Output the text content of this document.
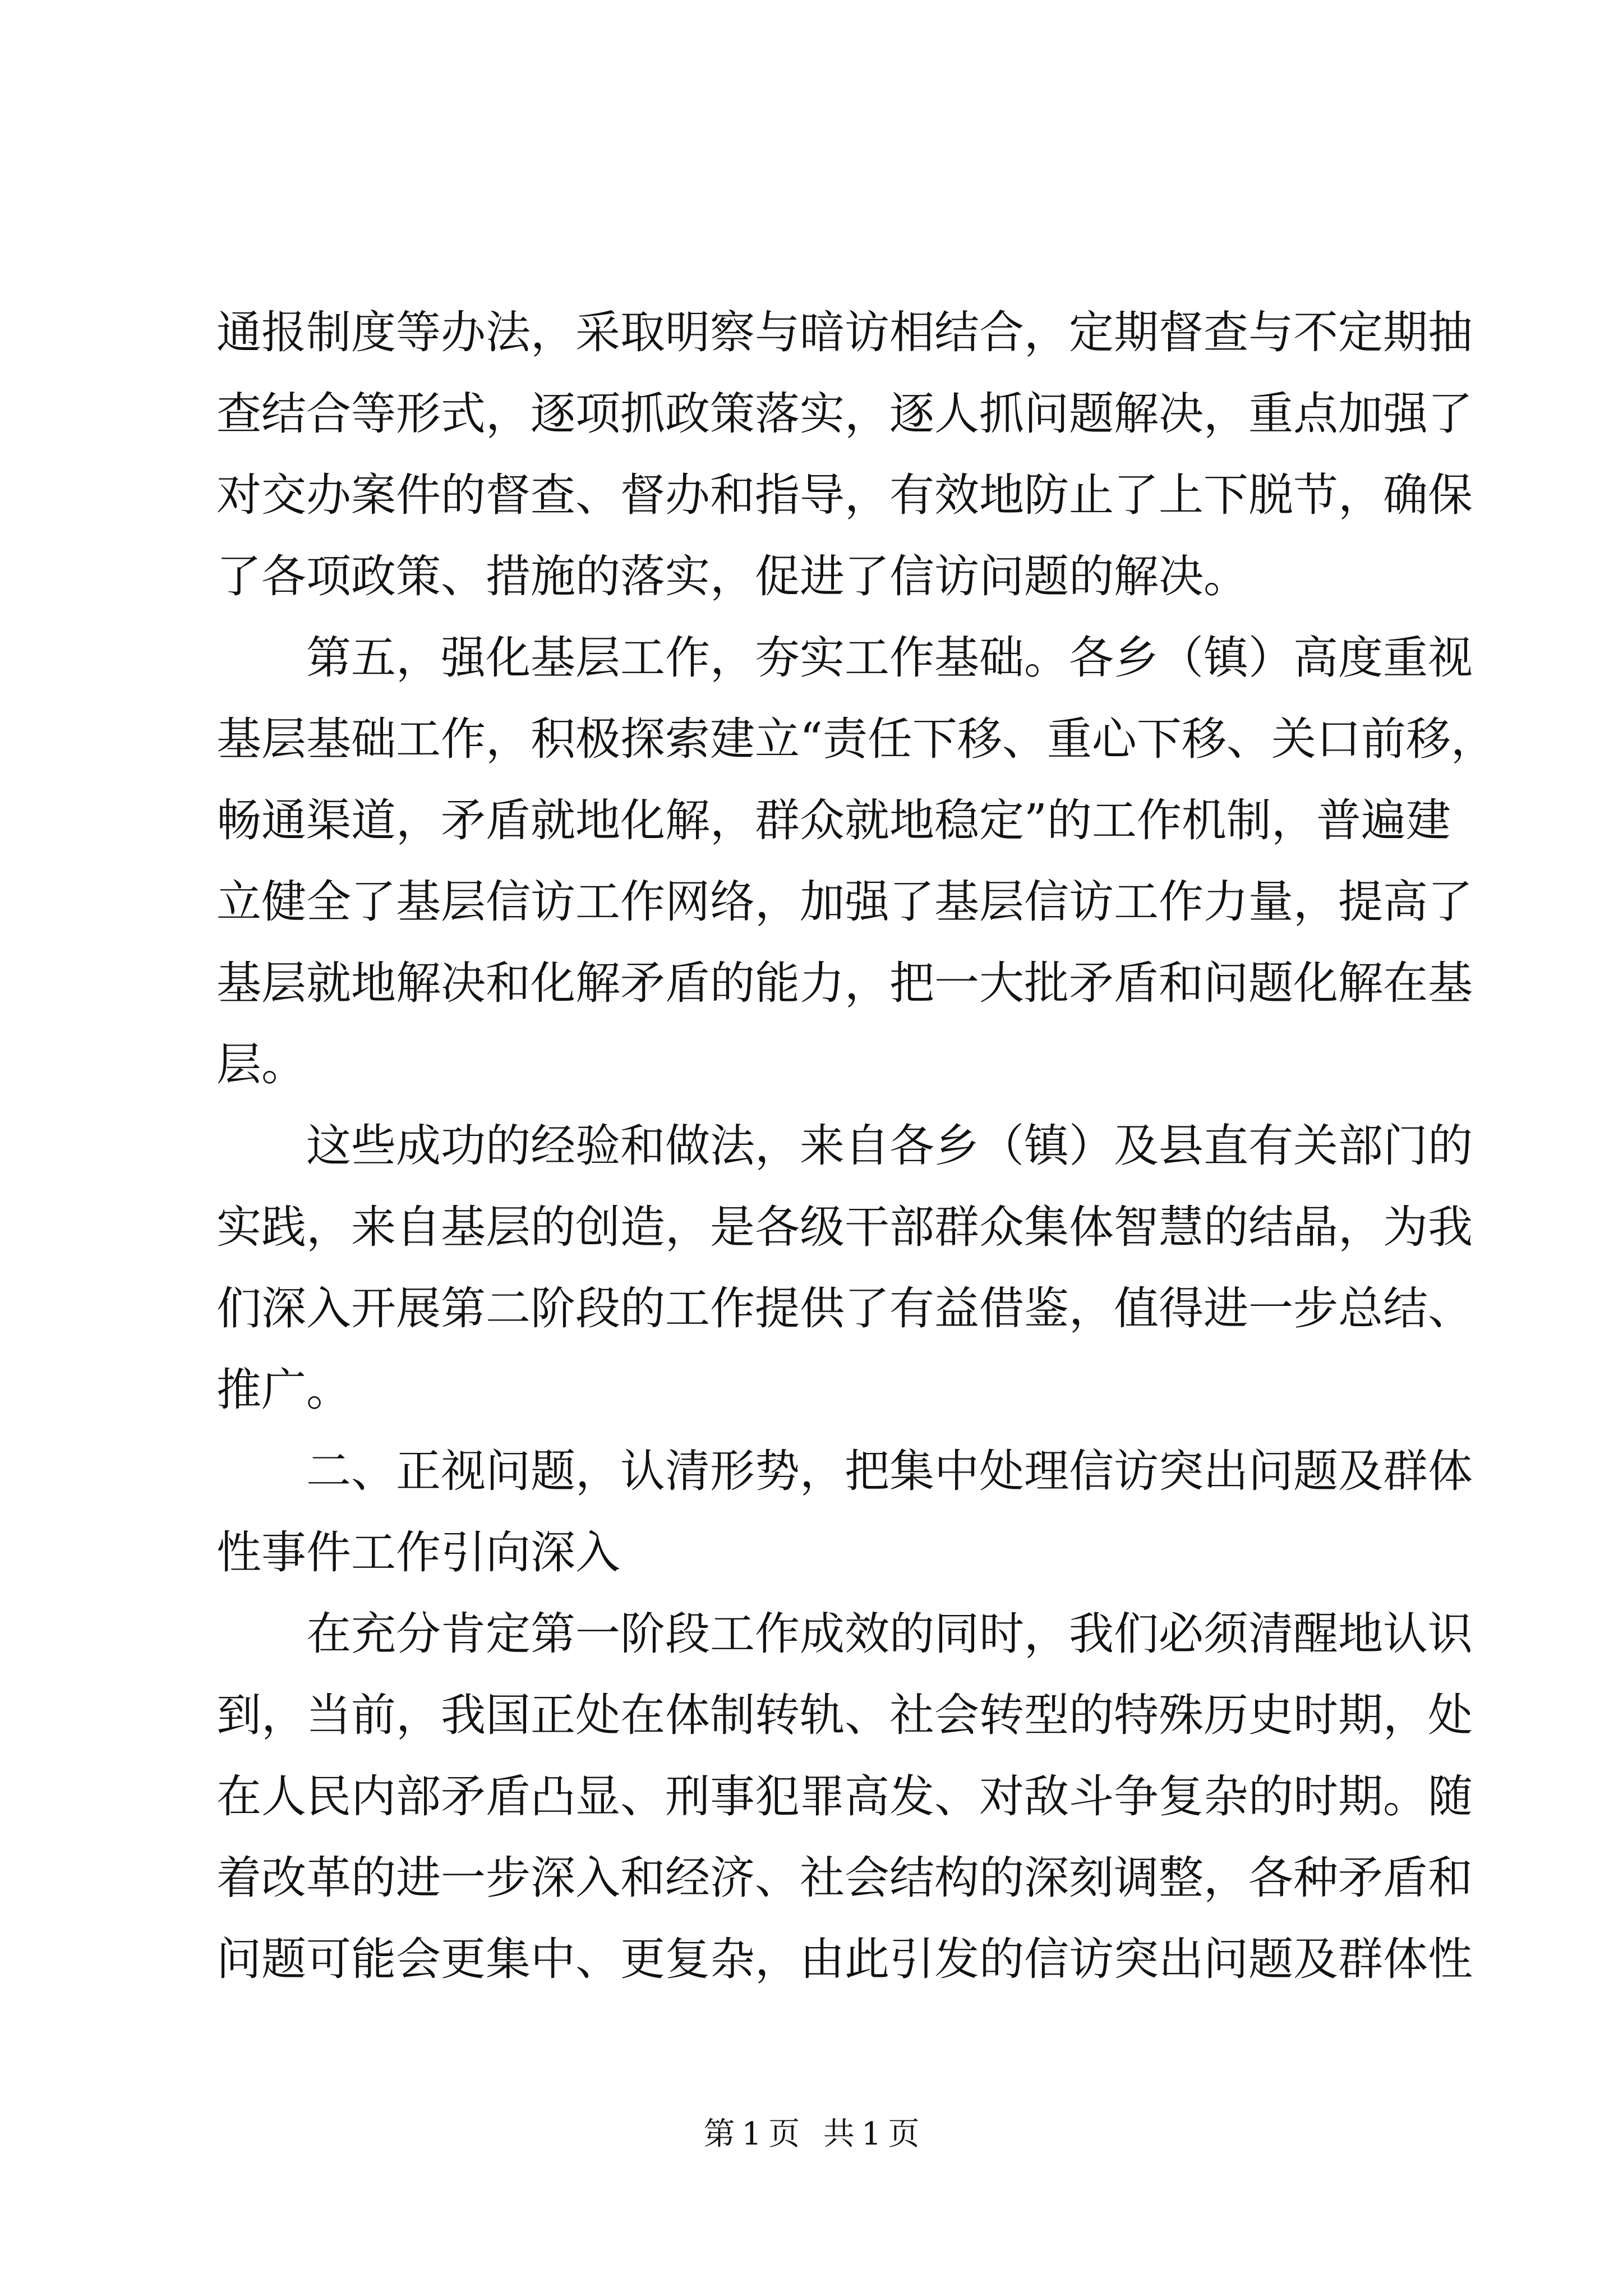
通报制度等办法，采取明察与暗访相结合，定期督查与不定期抽
查结合等形式，逐项抓政策落实，逐人抓问题解决，重点加强了
对交办案件的督查、督办和指导，有效地防止了上下脱节，确保
了各项政策、措施的落实，促进了信访问题的解决。
第五，强化基层工作，夯实工作基础。各乡（镇）高度重视
基层基础工作，积极探索建立“责任下移、重心下移、关口前移，
畅通渠道，矛盾就地化解，群众就地稳定”的工作机制，普遍建
立健全了基层信访工作网络，加强了基层信访工作力量，提高了
基层就地解决和化解矛盾的能力，把一大批矛盾和问题化解在基
层。
这些成功的经验和做法，来自各乡（镇）及县直有关部门的
实践，来自基层的创造，是各级干部群众集体智慧的结晶，为我
们深入开展第二阶段的工作提供了有益借鉴，值得进一步总结、
推广。
二、正视问题，认清形势，把集中处理信访突出问题及群体
性事件工作引向深入
在充分肯定第一阶段工作成效的同时，我们必须清醒地认识
到，当前，我国正处在体制转轨、社会转型的特殊历史时期，处
在人民内部矛盾凸显、刑事犯罪高发、对敌斗争复杂的时期。随
着改革的进一步深入和经济、社会结构的深刻调整，各种矛盾和
问题可能会更集中、更复杂，由此引发的信访突出问题及群体性
第 1 页 共 1 页
